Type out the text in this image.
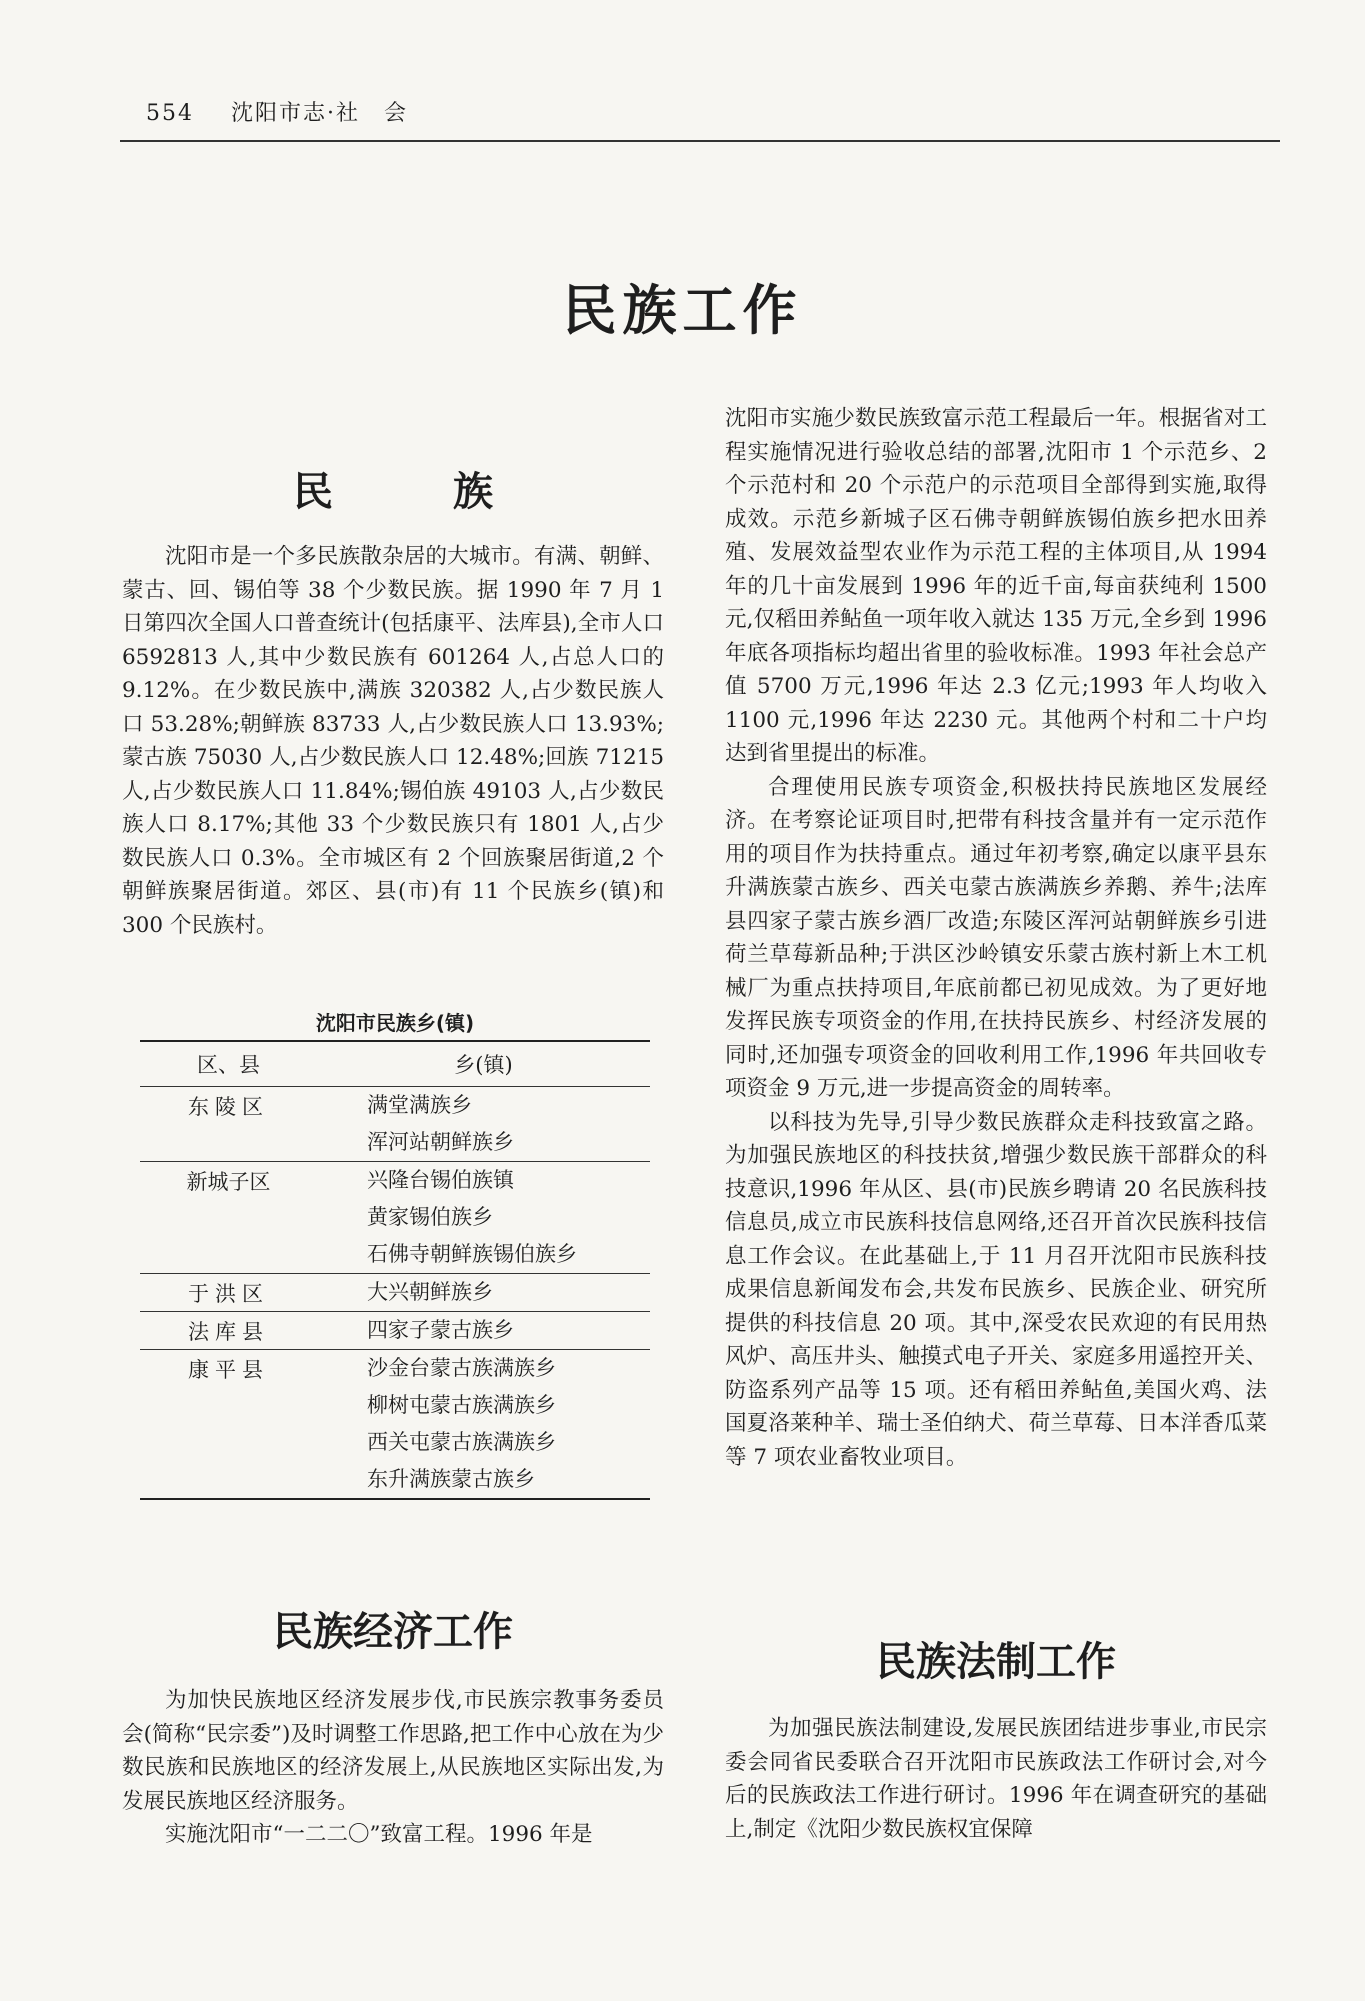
554 沈阳市志·社　会
民族工作
民　族

沈阳市是一个多民族散杂居的大城市。有满、朝鲜、蒙古、回、锡伯等 38 个少数民族。据 1990 年 7 月 1 日第四次全国人口普查统计(包括康平、法库县),全市人口 6592813 人,其中少数民族有 601264 人,占总人口的 9.12%。在少数民族中,满族 320382 人,占少数民族人口 53.28%;朝鲜族 83733 人,占少数民族人口 13.93%;蒙古族 75030 人,占少数民族人口 12.48%;回族 71215 人,占少数民族人口 11.84%;锡伯族 49103 人,占少数民族人口 8.17%;其他 33 个少数民族只有 1801 人,占少数民族人口 0.3%。全市城区有 2 个回族聚居街道,2 个朝鲜族聚居街道。郊区、县(市)有 11 个民族乡(镇)和 300 个民族村。

沈阳市民族乡(镇)
区、县	乡(镇)
东陵区	满堂满族乡
浑河站朝鲜族乡

新城子区	兴隆台锡伯族镇
黄家锡伯族乡
石佛寺朝鲜族锡伯族乡

于洪区	大兴朝鲜族乡

法库县	四家子蒙古族乡

康平县	沙金台蒙古族满族乡
柳树屯蒙古族满族乡
西关屯蒙古族满族乡
东升满族蒙古族乡
民族经济工作

为加快民族地区经济发展步伐,市民族宗教事务委员会(简称“民宗委”)及时调整工作思路,把工作中心放在为少数民族和民族地区的经济发展上,从民族地区实际出发,为发展民族地区经济服务。

实施沈阳市“一二二〇”致富工程。1996 年是

沈阳市实施少数民族致富示范工程最后一年。根据省对工程实施情况进行验收总结的部署,沈阳市 1 个示范乡、2 个示范村和 20 个示范户的示范项目全部得到实施,取得成效。示范乡新城子区石佛寺朝鲜族锡伯族乡把水田养殖、发展效益型农业作为示范工程的主体项目,从 1994 年的几十亩发展到 1996 年的近千亩,每亩获纯利 1500 元,仅稻田养鲇鱼一项年收入就达 135 万元,全乡到 1996 年底各项指标均超出省里的验收标准。1993 年社会总产值 5700 万元,1996 年达 2.3 亿元;1993 年人均收入 1100 元,1996 年达 2230 元。其他两个村和二十户均达到省里提出的标准。

合理使用民族专项资金,积极扶持民族地区发展经济。在考察论证项目时,把带有科技含量并有一定示范作用的项目作为扶持重点。通过年初考察,确定以康平县东升满族蒙古族乡、西关屯蒙古族满族乡养鹅、养牛;法库县四家子蒙古族乡酒厂改造;东陵区浑河站朝鲜族乡引进荷兰草莓新品种;于洪区沙岭镇安乐蒙古族村新上木工机械厂为重点扶持项目,年底前都已初见成效。为了更好地发挥民族专项资金的作用,在扶持民族乡、村经济发展的同时,还加强专项资金的回收利用工作,1996 年共回收专项资金 9 万元,进一步提高资金的周转率。

以科技为先导,引导少数民族群众走科技致富之路。为加强民族地区的科技扶贫,增强少数民族干部群众的科技意识,1996 年从区、县(市)民族乡聘请 20 名民族科技信息员,成立市民族科技信息网络,还召开首次民族科技信息工作会议。在此基础上,于 11 月召开沈阳市民族科技成果信息新闻发布会,共发布民族乡、民族企业、研究所提供的科技信息 20 项。其中,深受农民欢迎的有民用热风炉、高压井头、触摸式电子开关、家庭多用遥控开关、防盗系列产品等 15 项。还有稻田养鲇鱼,美国火鸡、法国夏洛莱种羊、瑞士圣伯纳犬、荷兰草莓、日本洋香瓜菜等 7 项农业畜牧业项目。

民族法制工作

为加强民族法制建设,发展民族团结进步事业,市民宗委会同省民委联合召开沈阳市民族政法工作研讨会,对今后的民族政法工作进行研讨。1996 年在调查研究的基础上,制定《沈阳少数民族权宜保障
